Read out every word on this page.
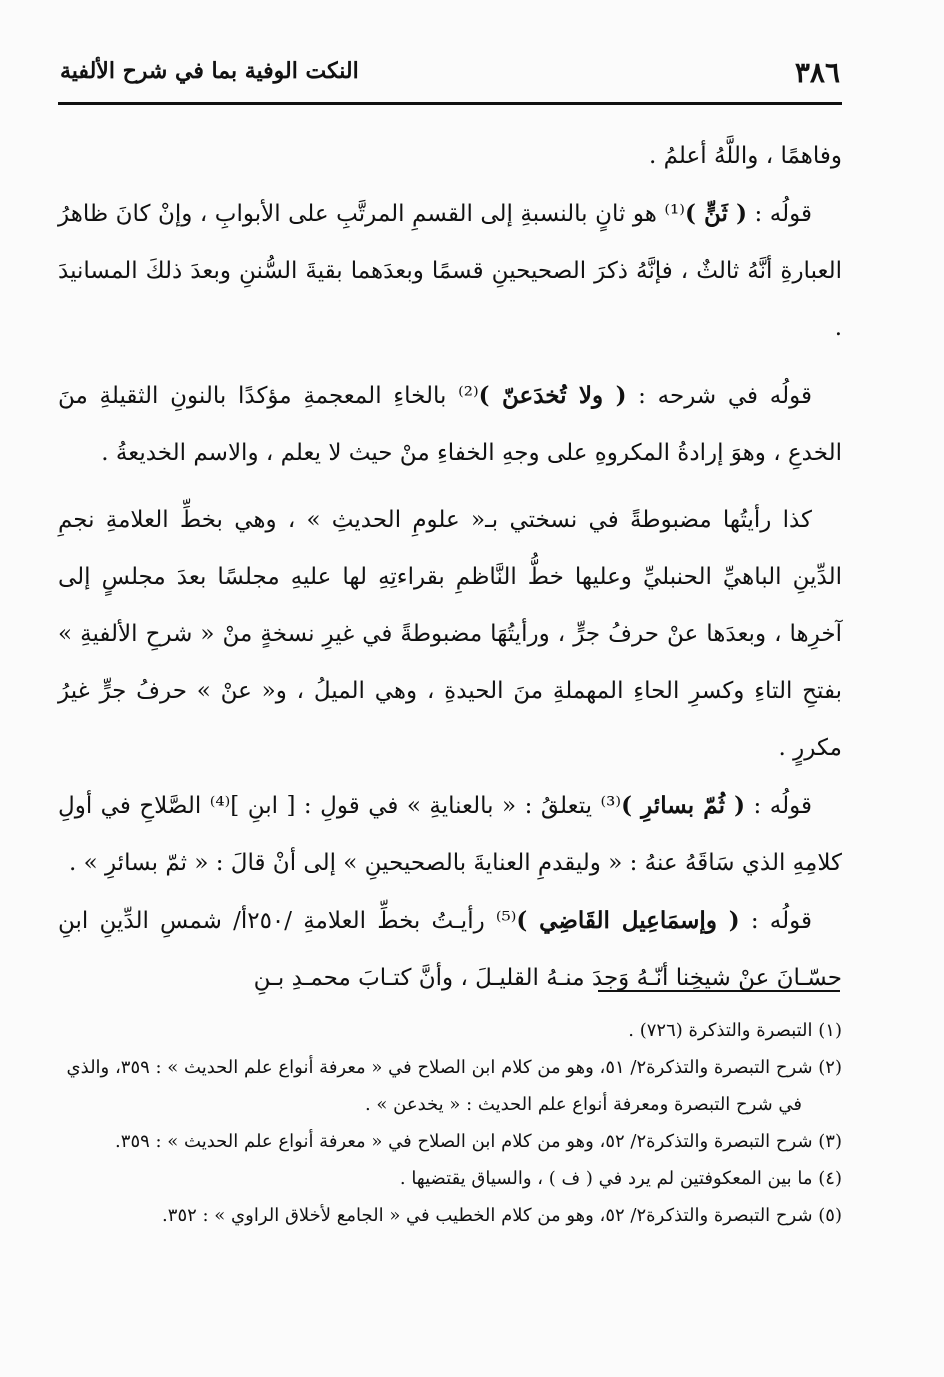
٣٨٦
النكت الوفية بما في شرح الألفية

وفاهمًا ، واللَّهُ أعلمُ .

قولُه : ( ثَنٍّ )⁽¹⁾ هو ثانٍ بالنسبةِ إلى القسمِ المرتَّبِ على الأبوابِ ، وإنْ كانَ ظاهرُ العبارةِ أنَّهُ ثالثٌ ، فإنَّهُ ذكرَ الصحيحينِ قسمًا وبعدَهما بقيةَ السُّننِ وبعدَ ذلكَ المسانيدَ .

قولُه في شرحه : ( ولا تُخدَعنّ )⁽²⁾ بالخاءِ المعجمةِ مؤكدًا بالنونِ الثقيلةِ منَ الخدعِ ، وهوَ إرادةُ المكروهِ على وجهِ الخفاءِ منْ حيث لا يعلم ، والاسم الخديعةُ .

كذا رأيتُها مضبوطةً في نسختي بـ« علومِ الحديثِ » ، وهي بخطِّ العلامةِ نجمِ الدِّينِ الباهيِّ الحنبليِّ وعليها خطُّ النَّاظمِ بقراءتِهِ لها عليهِ مجلسًا بعدَ مجلسٍ إلى آخرِها ، وبعدَها عنْ حرفُ جرٍّ ، ورأيتُهَا مضبوطةً في غيرِ نسخةٍ منْ « شرحِ الألفيةِ » بفتحِ التاءِ وكسرِ الحاءِ المهملةِ منَ الحيدةِ ، وهي الميلُ ، و« عنْ » حرفُ جرٍّ غيرُ مكررٍ .

قولُه : ( ثُمّ بسائرِ )⁽³⁾ يتعلقُ : « بالعنايةِ » في قولِ : [ ابنِ ]⁽⁴⁾ الصَّلاحِ في أولِ كلامِهِ الذي سَاقَهُ عنهُ : « وليقدمِ العنايةَ بالصحيحينِ » إلى أنْ قالَ : « ثمّ بسائرِ » .

قولُه : ( وإسمَاعِيل القَاضِي )⁽⁵⁾ رأيـتُ بخطِّ العلامةِ /٢٥٠أ/ شمسِ الدِّينِ ابنِ حسّـانَ عنْ شيخِنا أنّـهُ وَجدَ منـهُ القليـلَ ، وأنَّ كتـابَ محمـدِ بـنِ

(١) التبصرة والتذكرة (٧٢٦) .

(٢) شرح التبصرة والتذكرة٢/ ٥١، وهو من كلام ابن الصلاح في « معرفة أنواع علم الحديث » : ٣٥٩، والذي في شرح التبصرة ومعرفة أنواع علم الحديث : « يخدعن » .

(٣) شرح التبصرة والتذكرة٢/ ٥٢، وهو من كلام ابن الصلاح في « معرفة أنواع علم الحديث » : ٣٥٩.

(٤) ما بين المعكوفتين لم يرد في ( ف ) ، والسياق يقتضيها .

(٥) شرح التبصرة والتذكرة٢/ ٥٢، وهو من كلام الخطيب في « الجامع لأخلاق الراوي » : ٣٥٢.
